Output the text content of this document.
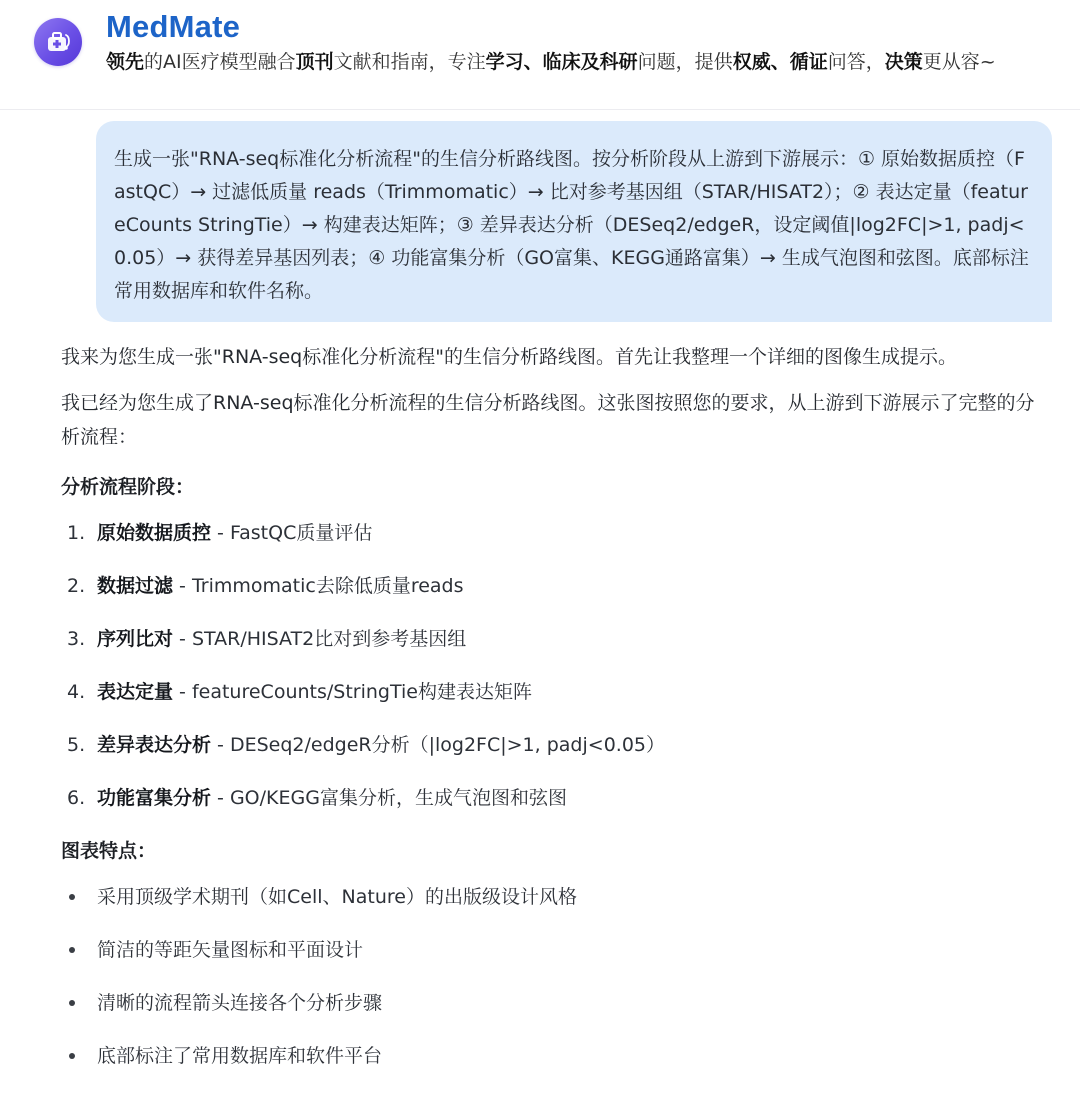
MedMate
领先的AI医疗模型融合顶刊文献和指南，专注学习、临床及科研问题，提供权威、循证问答，决策更从容~

生成一张"RNA-seq标准化分析流程"的生信分析路线图。按分析阶段从上游到下游展示：① 原始数据质控（FastQC）→ 过滤低质量 reads（Trimmomatic）→ 比对参考基因组（STAR/HISAT2）；② 表达定量（featureCounts StringTie）→ 构建表达矩阵；③ 差异表达分析（DESeq2/edgeR，设定阈值|log2FC|>1, padj<0.05）→ 获得差异基因列表；④ 功能富集分析（GO富集、KEGG通路富集）→ 生成气泡图和弦图。底部标注常用数据库和软件名称。

我来为您生成一张"RNA-seq标准化分析流程"的生信分析路线图。首先让我整理一个详细的图像生成提示。

我已经为您生成了RNA-seq标准化分析流程的生信分析路线图。这张图按照您的要求，从上游到下游展示了完整的分析流程：

分析流程阶段：
1. 原始数据质控 - FastQC质量评估
2. 数据过滤 - Trimmomatic去除低质量reads
3. 序列比对 - STAR/HISAT2比对到参考基因组
4. 表达定量 - featureCounts/StringTie构建表达矩阵
5. 差异表达分析 - DESeq2/edgeR分析（|log2FC|>1, padj<0.05）
6. 功能富集分析 - GO/KEGG富集分析，生成气泡图和弦图
图表特点：
采用顶级学术期刊（如Cell、Nature）的出版级设计风格
简洁的等距矢量图标和平面设计
清晰的流程箭头连接各个分析步骤
底部标注了常用数据库和软件平台
